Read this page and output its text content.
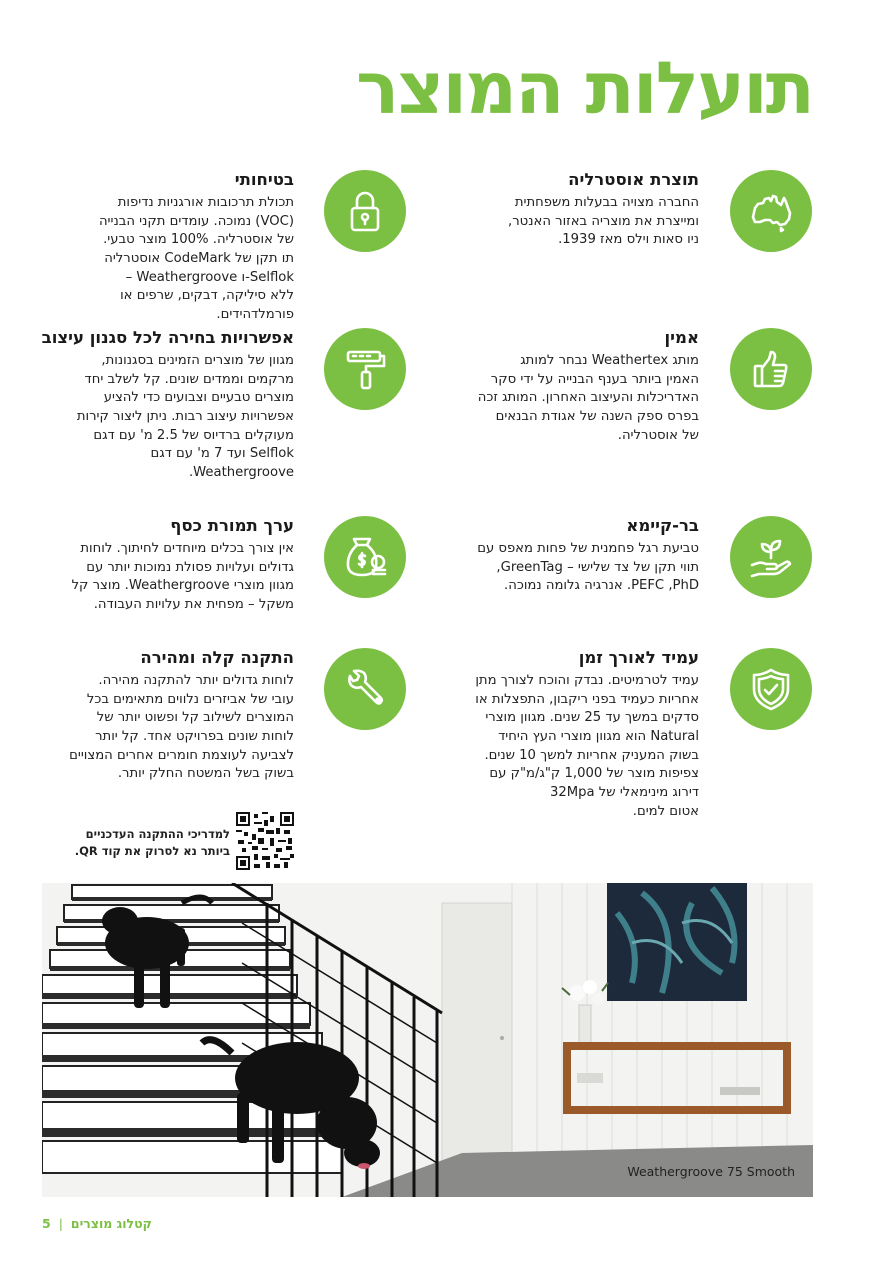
תועלות המוצר
תוצרת אוסטרליה

החברה מצויה בבעלות משפחתית
ומייצרת את מוצריה באזור האנטר,
ניו סאות וילס מאז 1939.

בטיחותי

תכולת תרכובות אורגניות נדיפות
(VOC) נמוכה. עומדים תקני הבנייה
של אוסטרליה. 100% מוצר טבעי.
תו תקן של CodeMark אוסטרליה
Selflok-ו Weathergroove –
ללא סיליקה, דבקים, שרפים או
פורמלדהידים.

אמין

מותג Weathertex נבחר למותג
האמין ביותר בענף הבנייה על ידי סקר
האדריכלות והעיצוב האחרון. המותג זכה
בפרס ספק השנה של אגודת הבנאים
של אוסטרליה.

אפשרויות בחירה לכל סגנון עיצוב

מגוון של מוצרים הזמינים בסגנונות,
מרקמים וממדים שונים. קל לשלב יחד
מוצרים טבעיים וצבועים כדי להציע
אפשרויות עיצוב רבות. ניתן ליצור קירות
מעוקלים ברדיוס של 2.5 מ' עם דגם
Selflok ועד 7 מ' עם דגם
Weathergroove.

בר-קיימא

טביעת רגל פחמנית של פחות מאפס עם
תווי תקן של צד שלישי – GreenTag,
PEFC ,PhD. אנרגיה גלומה נמוכה.

ערך תמורת כסף

אין צורך בכלים מיוחדים לחיתוך. לוחות
גדולים ועלויות פסולת נמוכות יותר עם
מגוון מוצרי Weathergroove. מוצר קל
משקל – מפחית את עלויות העבודה.

עמיד לאורך זמן

עמיד לטרמיטים. נבדק והוכח לצורך מתן
אחריות כעמיד בפני ריקבון, התפצלות או
סדקים במשך עד 25 שנים. מגוון מוצרי
Natural הוא מגוון מוצרי העץ היחיד
בשוק המעניק אחריות למשך 10 שנים.
צפיפות מוצר של 1,000 ק"ג/מ"ק עם
דירוג מינימאלי של 32Mpa
אטום למים.

התקנה קלה ומהירה

לוחות גדולים יותר להתקנה מהירה.
עובי של אביזרים נלווים מתאימים בכל
המוצרים לשילוב קל ופשוט יותר של
לוחות שונים בפרויקט אחד. קל יותר
לצביעה לעוצמת חומרים אחרים המצויים
בשוק בשל המשטח החלק יותר.

למדריכי ההתקנה העדכניים
ביותר נא לסרוק את קוד QR.

Weathergroove 75 Smooth
5 | קטלוג מוצרים
